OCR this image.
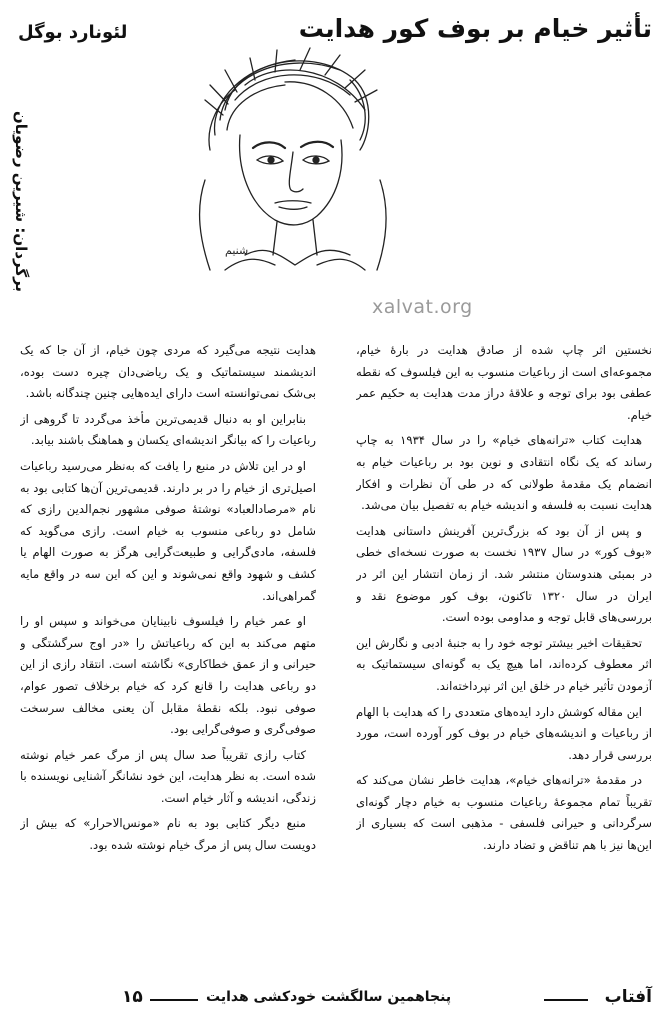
تأثیر خیام بر بوف کور هدایت
لئونارد بوگل
برگردان: شیرین رضویان	شنیم
xalvat.org

نخستین اثر چاپ شده از صادق هدایت در بارهٔ خیام، مجموعه‌ای است از رباعیات منسوب به این فیلسوف که نقطه عطفی بود برای توجه و علاقهٔ دراز مدت هدایت به حکیم عمر خیام.

هدایت کتاب «ترانه‌های خیام» را در سال ۱۹۳۴ به چاپ رساند که یک نگاه انتقادی و نوین بود بر رباعیات خیام به انضمام یک مقدمهٔ طولانی که در طی آن نظرات و افکار هدایت نسبت به فلسفه و اندیشه خیام به تفصیل بیان می‌شد.

و پس از آن بود که بزرگ‌ترین آفرینش داستانی هدایت «بوف کور» در سال ۱۹۳۷ نخست به صورت نسخه‌ای خطی در بمبئی هندوستان منتشر شد. از زمان انتشار این اثر در ایران در سال ۱۳۲۰ تاکنون، بوف کور موضوع نقد و بررسی‌های قابل توجه و مداومی بوده است.

تحقیقات اخیر بیشتر توجه خود را به جنبهٔ ادبی و نگارش این اثر معطوف کرده‌اند، اما هیچ یک به گونه‌ای سیستماتیک به آزمودن تأثیر خیام در خلق این اثر نپرداخته‌اند.

این مقاله کوشش دارد ایده‌های متعددی را که هدایت با الهام از رباعیات و اندیشه‌های خیام در بوف کور آورده است، مورد بررسی قرار دهد.

در مقدمهٔ «ترانه‌های خیام»، هدایت خاطر نشان می‌کند که تقریباً تمام مجموعهٔ رباعیات منسوب به خیام دچار گونه‌ای سرگردانی و حیرانی فلسفی - مذهبی است که بسیاری از این‌ها نیز با هم تناقض و تضاد دارند.

هدایت نتیجه می‌گیرد که مردی چون خیام، از آن جا که یک اندیشمند سیستماتیک و یک ریاضی‌دان چیره دست بوده، بی‌شک نمی‌توانسته است دارای ایده‌هایی چنین چندگانه باشد.

بنابراین او به دنبال قدیمی‌ترین مأخذ می‌گردد تا گروهی از رباعیات را که بیانگر اندیشه‌ای یکسان و هماهنگ باشند بیابد.

او در این تلاش در منبع را یافت که به‌نظر می‌رسید رباعیات اصیل‌تری از خیام را در بر دارند. قدیمی‌ترین آن‌ها کتابی بود به نام «مرصادالعباد» نوشتهٔ صوفی مشهور نجم‌الدین رازی که شامل دو رباعی منسوب به خیام است. رازی می‌گوید که فلسفه، مادی‌گرایی و طبیعت‌گرایی هرگز به صورت الهام یا کشف و شهود واقع نمی‌شوند و این که این سه در واقع مایه گمراهی‌اند.

او عمر خیام را فیلسوف نابینایان می‌خواند و سپس او را متهم می‌کند به این که رباعیاتش را «در اوج سرگشتگی و حیرانی و از عمق خطاکاری» نگاشته است. انتقاد رازی از این دو رباعی هدایت را قانع کرد که خیام برخلاف تصور عوام، صوفی نبود. بلکه نقطهٔ مقابل آن یعنی مخالف سرسخت صوفی‌گری و صوفی‌گرایی بود.

کتاب رازی تقریباً صد سال پس از مرگ عمر خیام نوشته شده است. به نظر هدایت، این خود نشانگر آشنایی نویسنده با زندگی، اندیشه و آثار خیام است.

منبع دیگر کتابی بود به نام «مونس‌الاحرار» که بیش از دویست سال پس از مرگ خیام نوشته شده بود.

آفتاب
پنجاهمین سالگشت خودکشی هدایت
۱۵
